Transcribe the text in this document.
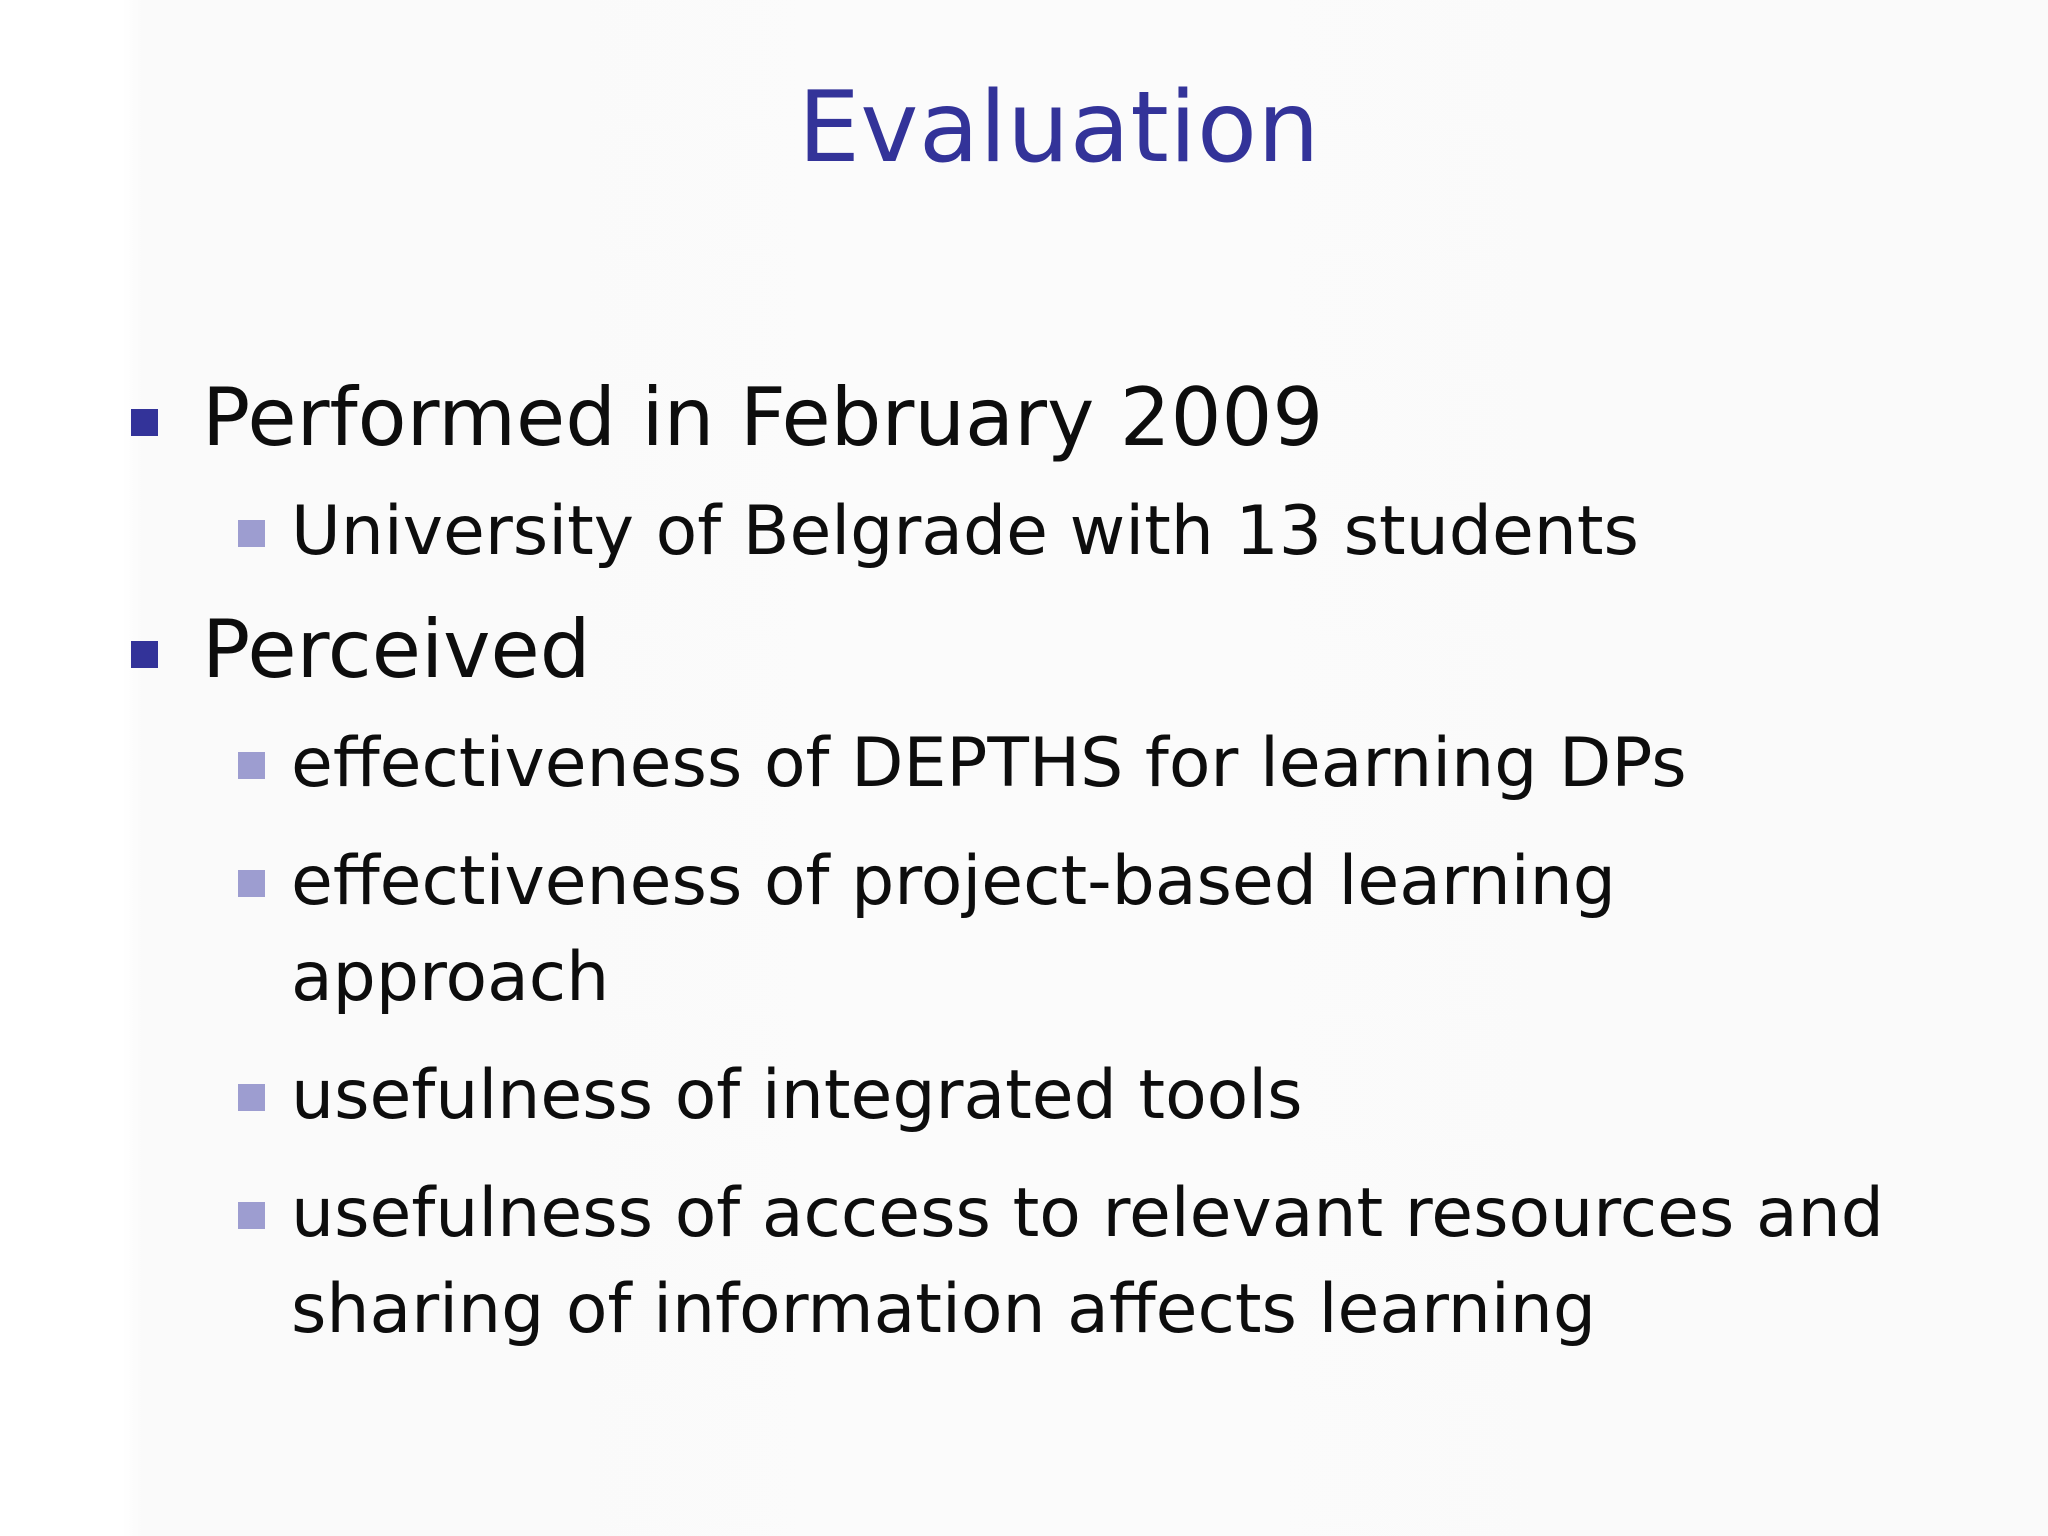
Evaluation
Performed in February 2009
University of Belgrade with 13 students
Perceived
effectiveness of DEPTHS for learning DPs
effectiveness of project-based learning approach
usefulness of integrated tools
usefulness of access to relevant resources and sharing of information affects learning
